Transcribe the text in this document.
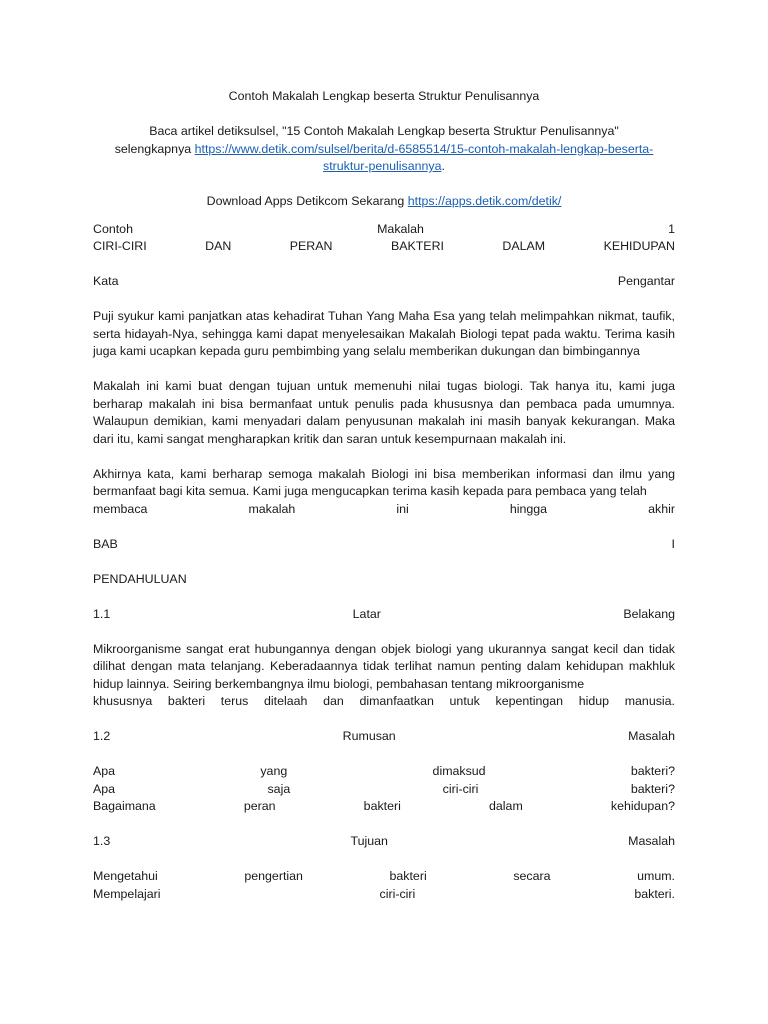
Contoh Makalah Lengkap beserta Struktur Penulisannya
Baca artikel detiksulsel, "15 Contoh Makalah Lengkap beserta Struktur Penulisannya"
selengkapnya https://www.detik.com/sulsel/berita/d-6585514/15-contoh-makalah-lengkap-beserta-
struktur-penulisannya.
Download Apps Detikcom Sekarang https://apps.detik.com/detik/
Contoh	Makalah	1
CIRI-CIRI	DAN	PERAN	BAKTERI	DALAM	KEHIDUPAN
Kata	Pengantar
Puji syukur kami panjatkan atas kehadirat Tuhan Yang Maha Esa yang telah melimpahkan nikmat, taufik, serta hidayah-Nya, sehingga kami dapat menyelesaikan Makalah Biologi tepat pada waktu. Terima kasih juga kami ucapkan kepada guru pembimbing yang selalu memberikan dukungan dan bimbingannya
Makalah ini kami buat dengan tujuan untuk memenuhi nilai tugas biologi. Tak hanya itu, kami juga berharap makalah ini bisa bermanfaat untuk penulis pada khususnya dan pembaca pada umumnya. Walaupun demikian, kami menyadari dalam penyusunan makalah ini masih banyak kekurangan. Maka dari itu, kami sangat mengharapkan kritik dan saran untuk kesempurnaan makalah ini.
Akhirnya kata, kami berharap semoga makalah Biologi ini bisa memberikan informasi dan ilmu yang bermanfaat bagi kita semua. Kami juga mengucapkan terima kasih kepada para pembaca yang telah
membaca	makalah	ini	hingga	akhir
BAB	I
PENDAHULUAN
1.1	Latar	Belakang
Mikroorganisme sangat erat hubungannya dengan objek biologi yang ukurannya sangat kecil dan tidak dilihat dengan mata telanjang. Keberadaannya tidak terlihat namun penting dalam kehidupan makhluk hidup lainnya. Seiring berkembangnya ilmu biologi, pembahasan tentang mikroorganisme
khususnya bakteri terus ditelaah dan dimanfaatkan untuk kepentingan hidup manusia.
1.2	Rumusan	Masalah
Apa	yang	dimaksud	bakteri?
Apa	saja	ciri-ciri	bakteri?
Bagaimana	peran	bakteri	dalam	kehidupan?
1.3	Tujuan	Masalah
Mengetahui	pengertian	bakteri	secara	umum.
Mempelajari	ciri-ciri	bakteri.
